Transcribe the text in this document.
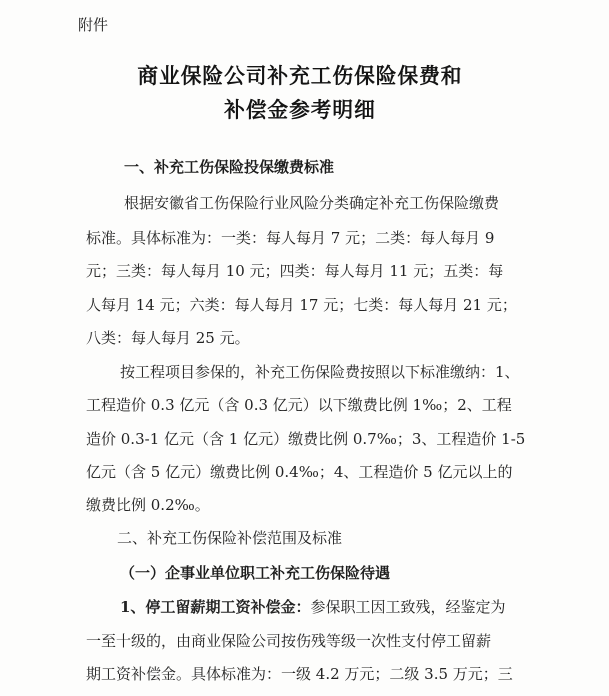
附件
商业保险公司补充工伤保险保费和
补偿金参考明细
一、补充工伤保险投保缴费标准
根据安徽省工伤保险行业风险分类确定补充工伤保险缴费
标准。具体标准为：一类：每人每月 7 元；二类：每人每月 9
元；三类：每人每月 10 元；四类：每人每月 11 元；五类：每
人每月 14 元；六类：每人每月 17 元；七类：每人每月 21 元；
八类：每人每月 25 元。
按工程项目参保的，补充工伤保险费按照以下标准缴纳：1、
工程造价 0.3 亿元（含 0.3 亿元）以下缴费比例 1‰；2、工程
造价 0.3-1 亿元（含 1 亿元）缴费比例 0.7‰；3、工程造价 1-5
亿元（含 5 亿元）缴费比例 0.4‰；4、工程造价 5 亿元以上的
缴费比例 0.2‰。
二、补充工伤保险补偿范围及标准
（一）企事业单位职工补充工伤保险待遇
1、停工留薪期工资补偿金：参保职工因工致残，经鉴定为
一至十级的，由商业保险公司按伤残等级一次性支付停工留薪
期工资补偿金。具体标准为：一级 4.2 万元；二级 3.5 万元；三
